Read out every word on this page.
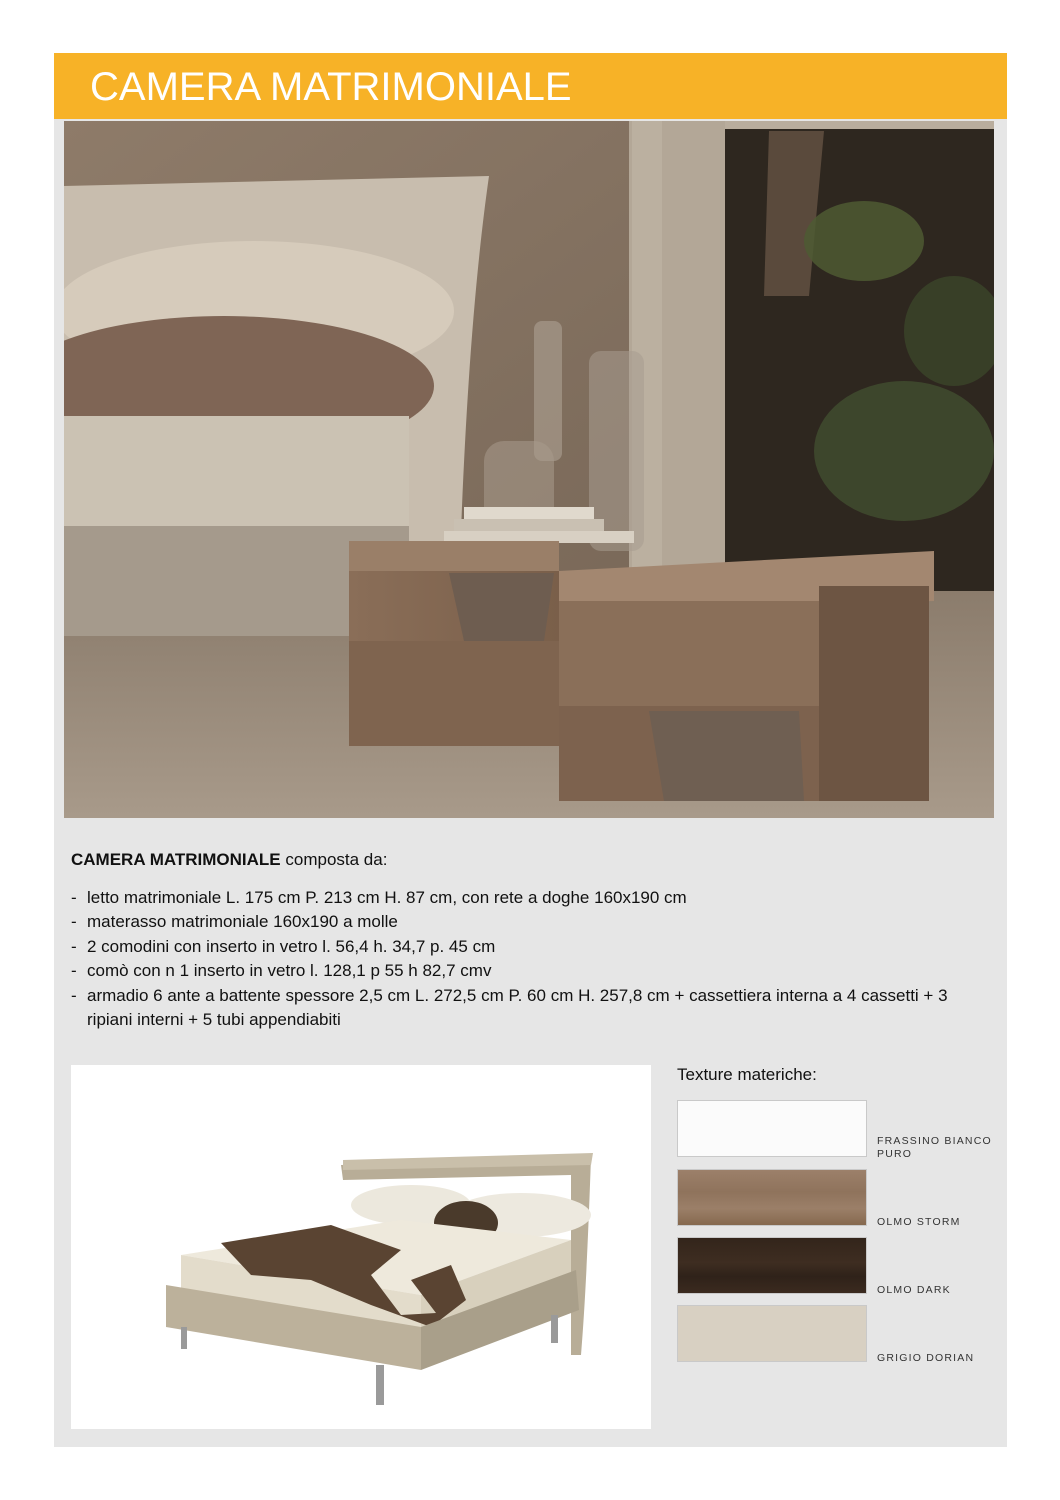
CAMERA MATRIMONIALE

CAMERA MATRIMONIALE composta da:

- letto matrimoniale L. 175 cm P. 213 cm H. 87 cm, con rete a doghe 160x190 cm
- materasso matrimoniale 160x190 a molle
- 2 comodini con inserto in vetro l. 56,4 h. 34,7 p. 45 cm
- comò con n 1 inserto in vetro l. 128,1 p 55 h 82,7 cmv
- armadio 6 ante a battente spessore 2,5 cm L. 272,5 cm P. 60 cm H. 257,8 cm + cassettiera interna a 4 cassetti + 3 ripiani interni + 5 tubi appendiabiti
Texture materiche:
FRASSINO BIANCO PURO
OLMO STORM
OLMO DARK
GRIGIO DORIAN
